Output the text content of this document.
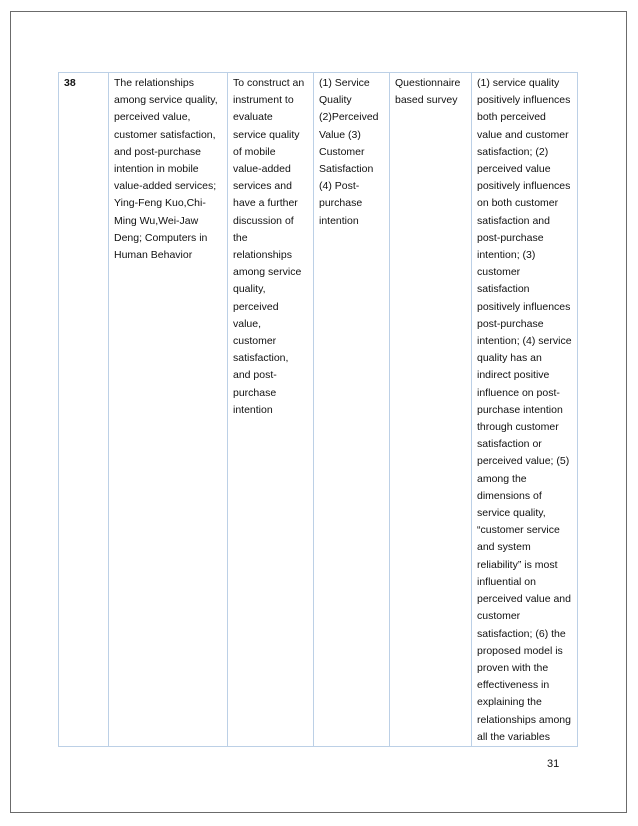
38	The relationships
among service quality,
perceived value,
customer satisfaction,
and post-purchase
intention in mobile
value-added services;
Ying-Feng Kuo,Chi-
Ming Wu,Wei-Jaw
Deng; Computers in
Human Behavior

To construct an
instrument to
evaluate
service quality
of mobile
value-added
services and
have a further
discussion of
the
relationships
among service
quality,
perceived
value,
customer
satisfaction,
and post-
purchase
intention

(1) Service
Quality
(2)Perceived
Value (3)
Customer
Satisfaction
(4) Post-
purchase
intention

Questionnaire
based survey

(1) service quality
positively influences
both perceived
value and customer
satisfaction; (2)
perceived value
positively influences
on both customer
satisfaction and
post-purchase
intention; (3)
customer
satisfaction
positively influences
post-purchase
intention; (4) service
quality has an
indirect positive
influence on post-
purchase intention
through customer
satisfaction or
perceived value; (5)
among the
dimensions of
service quality,
“customer service
and system
reliability” is most
influential on
perceived value and
customer
satisfaction; (6) the
proposed model is
proven with the
effectiveness in
explaining the
relationships among
all the variables
31
